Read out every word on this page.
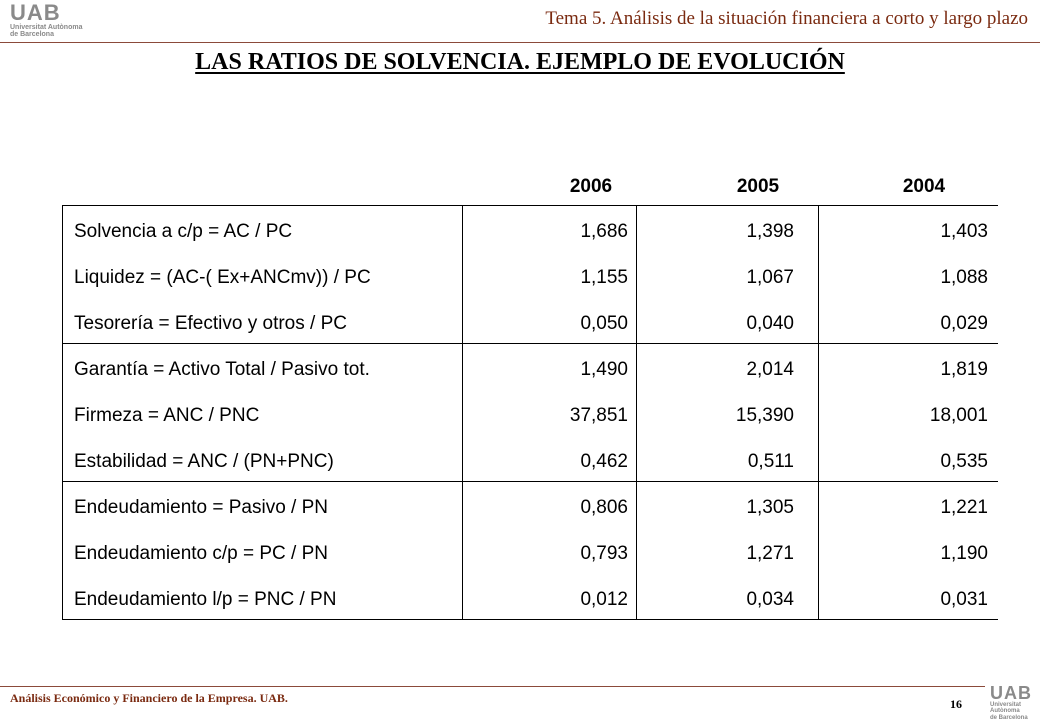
UAB
Universitat Autònoma
de Barcelona
Tema 5. Análisis de la situación financiera a corto y largo plazo
LAS RATIOS DE SOLVENCIA. EJEMPLO DE EVOLUCIÓN
2006	2005	2004
Solvencia a c/p = AC / PC	1,686	1,398	1,403
Liquidez = (AC-( Ex+ANCmv)) / PC	1,155	1,067	1,088
Tesorería = Efectivo y otros / PC	0,050	0,040	0,029
Garantía = Activo Total / Pasivo tot.	1,490	2,014	1,819
Firmeza = ANC / PNC	37,851	15,390	18,001
Estabilidad = ANC / (PN+PNC)	0,462	0,511	0,535
Endeudamiento = Pasivo / PN	0,806	1,305	1,221
Endeudamiento c/p = PC / PN	0,793	1,271	1,190
Endeudamiento l/p = PNC / PN	0,012	0,034	0,031
Análisis Económico y Financiero de la Empresa. UAB.	16
UAB
Universitat Autònoma
de Barcelona
